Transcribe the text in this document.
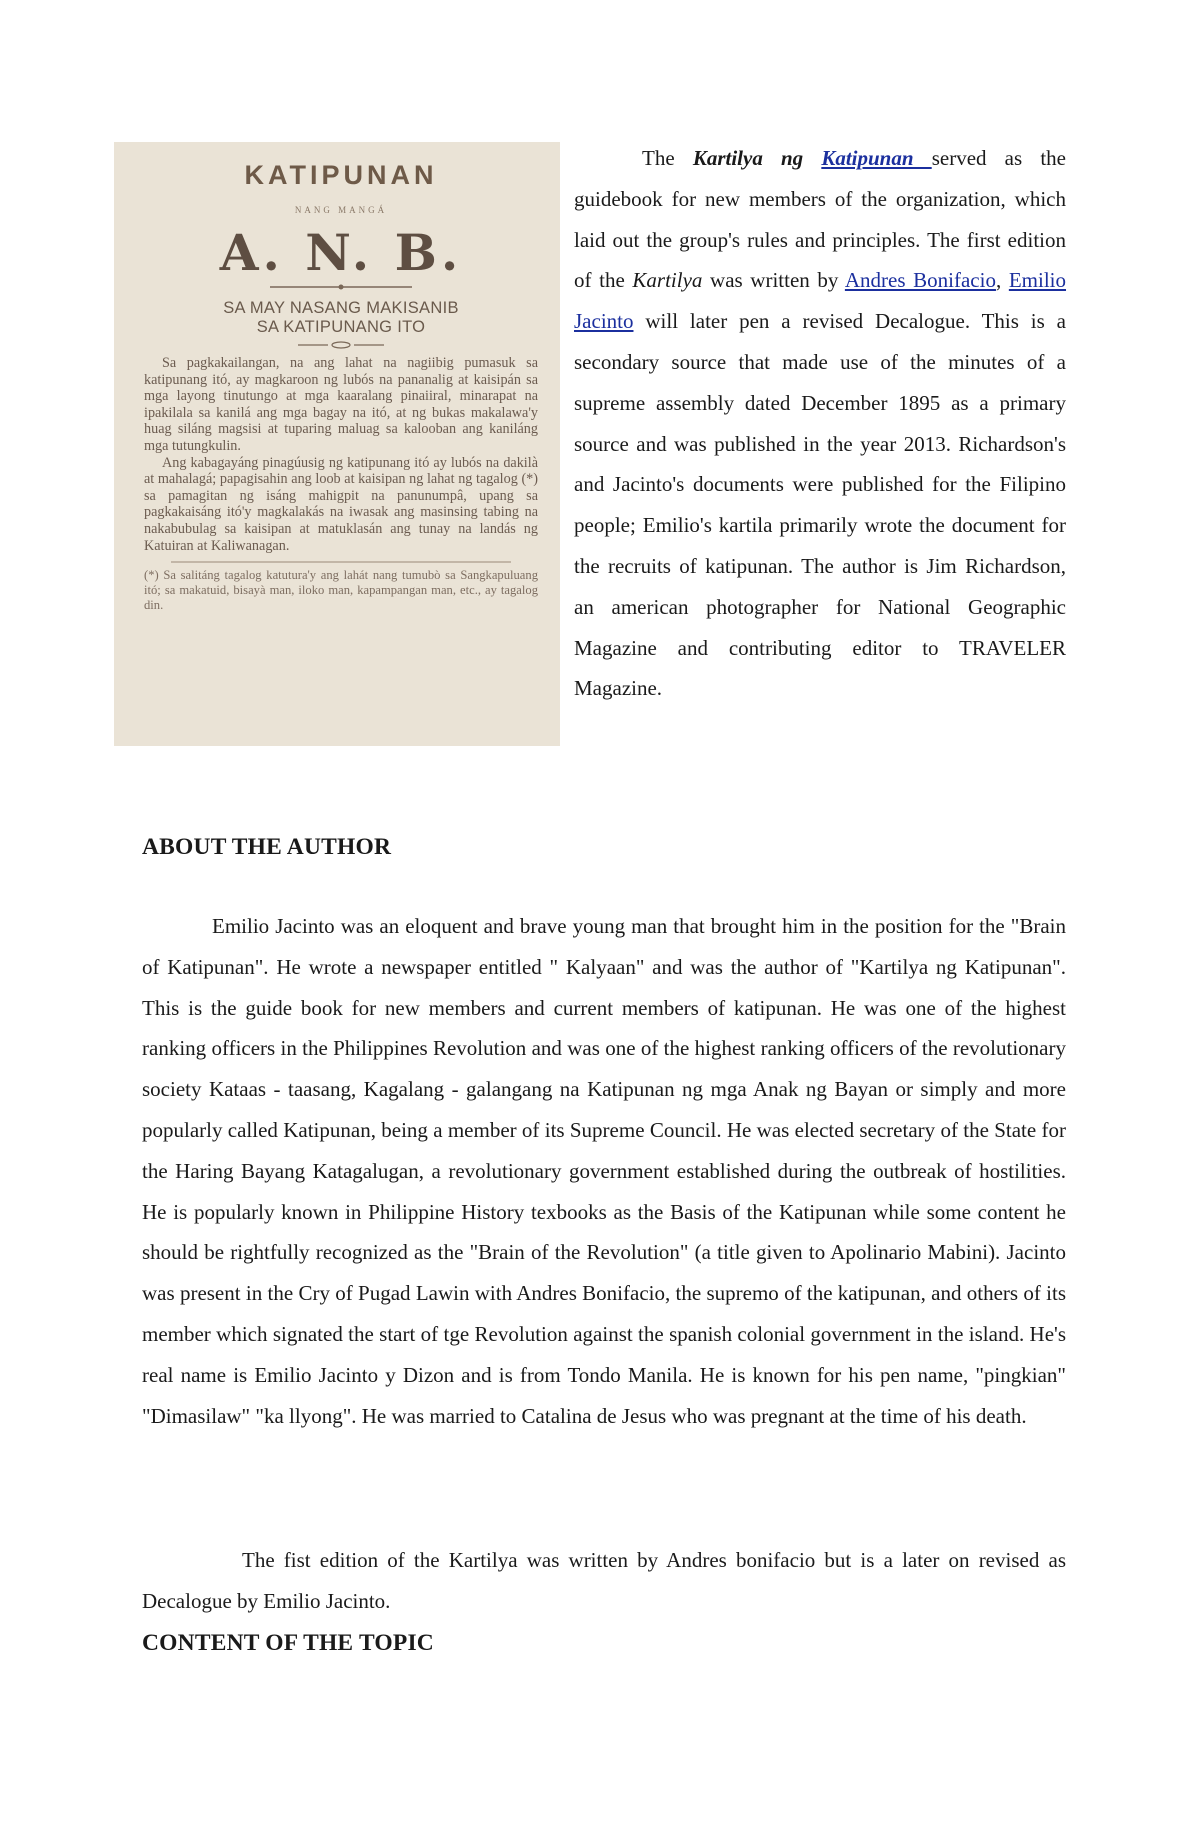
KATIPUNAN
NANG MANGÁ
A. N. B.
SA MAY NASANG MAKISANIB
SA KATIPUNANG ITO

Sa pagkakailangan, na ang lahat na nagiibig pumasuk sa katipunang itó, ay magkaroon ng lubós na pananalig at kaisipán sa mga layong tinutungo at mga kaaralang pinaiiral, minarapat na ipakilala sa kanilá ang mga bagay na itó, at ng bukas makalawa'y huag siláng magsisi at tuparing maluag sa kalooban ang kaniláng mga tutungkulin.

Ang kabagayáng pinagúusig ng katipunang itó ay lubós na dakilà at mahalagá; papagisahin ang loob at kaisipan ng lahat ng tagalog (*) sa pamagitan ng isáng mahigpit na panunumpâ, upang sa pagkakaisáng itó'y magkalakás na iwasak ang masinsing tabing na nakabubulag sa kaisipan at matuklasán ang tunay na landás ng Katuiran at Kaliwanagan.

(*) Sa salitáng tagalog katutura'y ang lahát nang tumubò sa Sangkapuluang itó; sa makatuid, bisayà man, iloko man, kapampangan man, etc., ay tagalog din.

The Kartilya ng Katipunan served as the guidebook for new members of the organization, which laid out the group's rules and principles. The first edition of the Kartilya was written by Andres Bonifacio, Emilio Jacinto will later pen a revised Decalogue. This is a secondary source that made use of the minutes of a supreme assembly dated December 1895 as a primary source and was published in the year 2013. Richardson's and Jacinto's documents were published for the Filipino people; Emilio's kartila primarily wrote the document for the recruits of katipunan. The author is Jim Richardson, an american photographer for National Geographic Magazine and contributing editor to TRAVELER Magazine.

ABOUT THE AUTHOR

Emilio Jacinto was an eloquent and brave young man that brought him in the position for the "Brain of Katipunan". He wrote a newspaper entitled " Kalyaan" and was the author of "Kartilya ng Katipunan". This is the guide book for new members and current members of katipunan. He was one of the highest ranking officers in the Philippines Revolution and was one of the highest ranking officers of the revolutionary society Kataas - taasang, Kagalang - galangang na Katipunan ng mga Anak ng Bayan or simply and more popularly called Katipunan, being a member of its Supreme Council. He was elected secretary of the State for the Haring Bayang Katagalugan, a revolutionary government established during the outbreak of hostilities. He is popularly known in Philippine History texbooks as the Basis of the Katipunan while some content he should be rightfully recognized as the "Brain of the Revolution" (a title given to Apolinario Mabini). Jacinto was present in the Cry of Pugad Lawin with Andres Bonifacio, the supremo of the katipunan, and others of its member which signated the start of tge Revolution against the spanish colonial government in the island. He's real name is Emilio Jacinto y Dizon and is from Tondo Manila. He is known for his pen name, "pingkian" "Dimasilaw" "ka llyong". He was married to Catalina de Jesus who was pregnant at the time of his death.

The fist edition of the Kartilya was written by Andres bonifacio but is a later on revised as Decalogue by Emilio Jacinto.

CONTENT OF THE TOPIC
